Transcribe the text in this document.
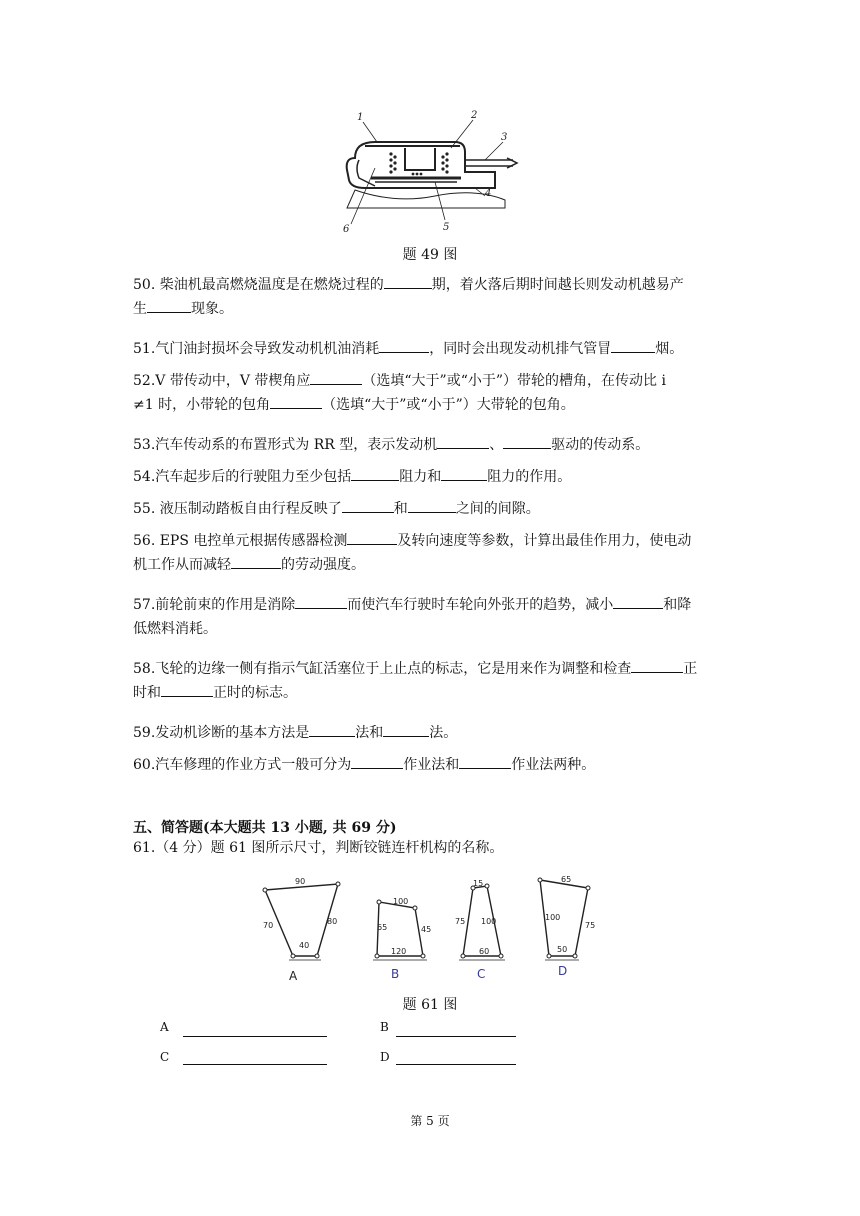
1	2
3
4
5
6
题 49 图
50. 柴油机最高燃烧温度是在燃烧过程的	期，着火落后期时间越长则发动机越易产
生	现象。
51.气门油封损坏会导致发动机机油消耗	，同时会出现发动机排气管冒	烟。
52.V 带传动中，V 带楔角应	（选填“大于”或“小于”）带轮的槽角，在传动比 i
≠1 时，小带轮的包角	（选填“大于”或“小于”）大带轮的包角。
53.汽车传动系的布置形式为 RR 型，表示发动机	、	驱动的传动系。
54.汽车起步后的行驶阻力至少包括	阻力和	阻力的作用。
55. 液压制动踏板自由行程反映了	和	之间的间隙。
56. EPS 电控单元根据传感器检测	及转向速度等参数，计算出最佳作用力，使电动
机工作从而减轻	的劳动强度。
57.前轮前束的作用是消除	而使汽车行驶时车轮向外张开的趋势，减小	和降
低燃料消耗。
58.飞轮的边缘一侧有指示气缸活塞位于上止点的标志，它是用来作为调整和检查	正
时和	正时的标志。
59.发动机诊断的基本方法是	法和	法。
60.汽车修理的作业方式一般可分为	作业法和	作业法两种。
五、简答题(本大题共 13 小题, 共 69 分)
61.（4 分）题 61 图所示尺寸，判断铰链连杆机构的名称。
90
70	80
40
100
65	45
120
15
75 100
60
65
100
75
50
A	B	C	D
题 61 图
A	B
C	D
第 5 页
